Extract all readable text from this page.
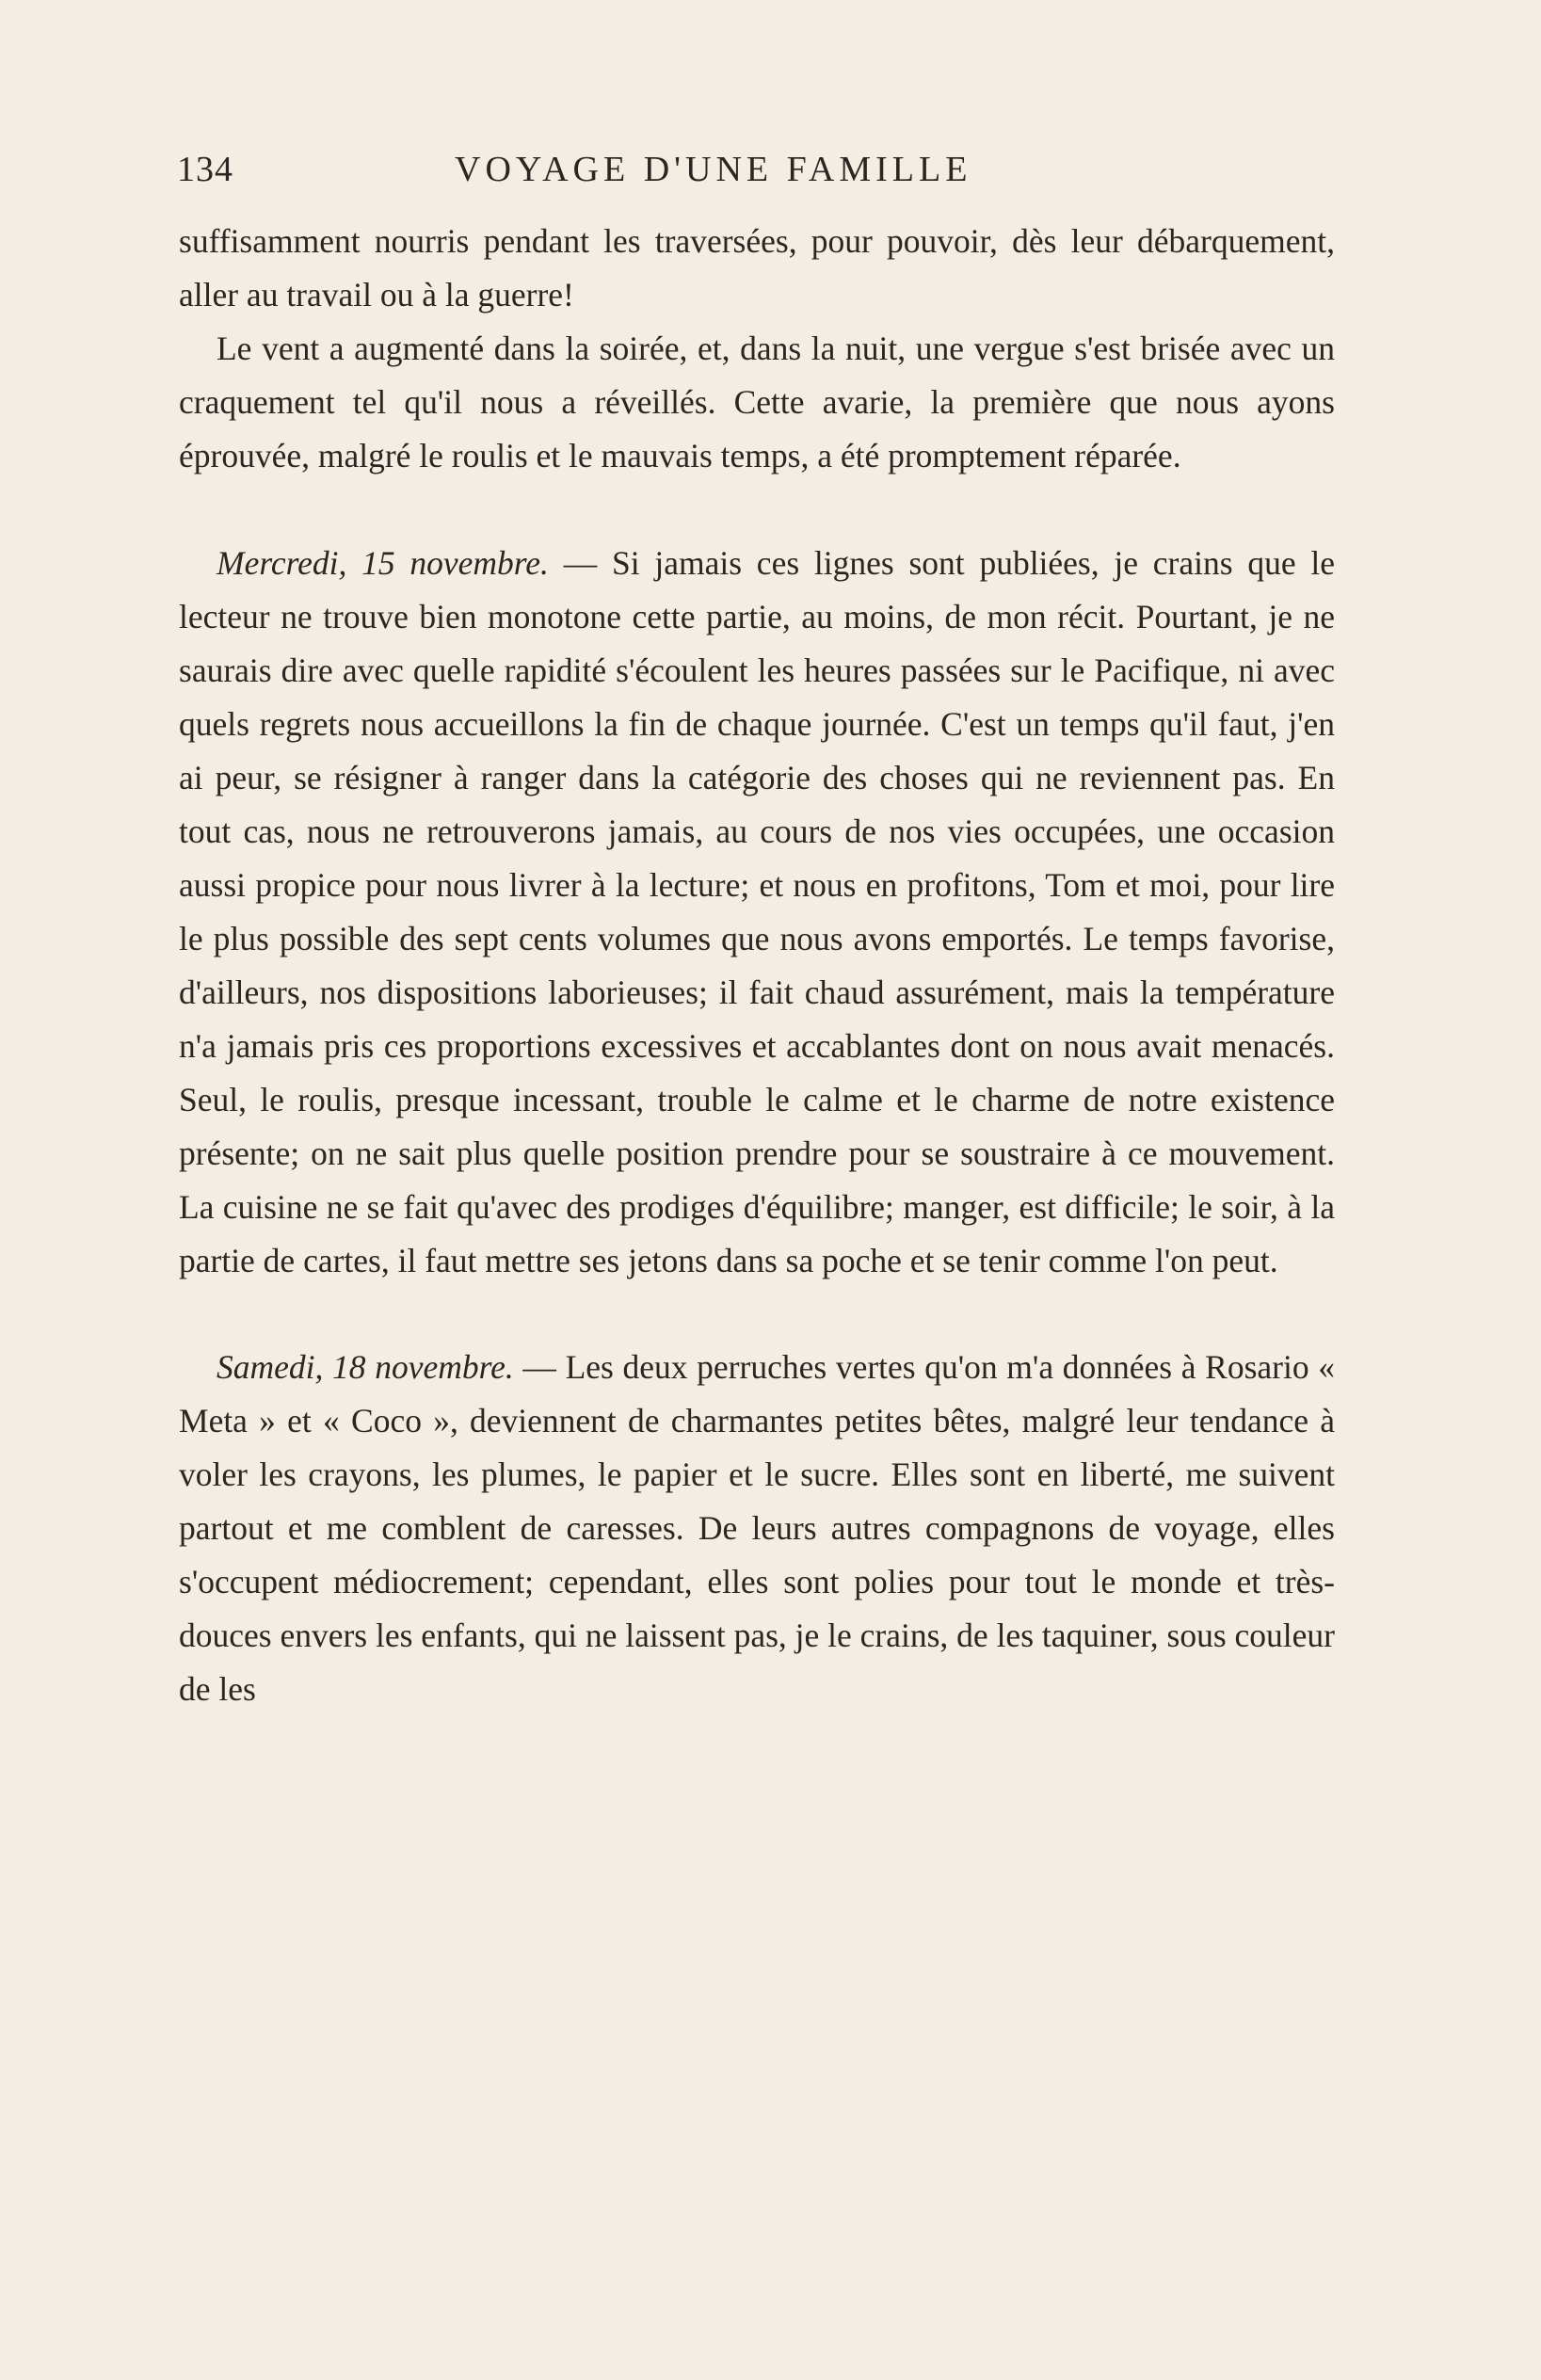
134	VOYAGE D'UNE FAMILLE

suffisamment nourris pendant les traversées, pour pouvoir, dès leur débarquement, aller au travail ou à la guerre!

Le vent a augmenté dans la soirée, et, dans la nuit, une vergue s'est brisée avec un craquement tel qu'il nous a réveillés. Cette avarie, la première que nous ayons éprouvée, malgré le roulis et le mauvais temps, a été promptement réparée.

Mercredi, 15 novembre. — Si jamais ces lignes sont publiées, je crains que le lecteur ne trouve bien monotone cette partie, au moins, de mon récit. Pourtant, je ne saurais dire avec quelle rapidité s'écoulent les heures passées sur le Pacifique, ni avec quels regrets nous accueillons la fin de chaque journée. C'est un temps qu'il faut, j'en ai peur, se résigner à ranger dans la catégorie des choses qui ne reviennent pas. En tout cas, nous ne retrouverons jamais, au cours de nos vies occupées, une occasion aussi propice pour nous livrer à la lecture; et nous en profitons, Tom et moi, pour lire le plus possible des sept cents volumes que nous avons emportés. Le temps favorise, d'ailleurs, nos dispositions laborieuses; il fait chaud assurément, mais la température n'a jamais pris ces proportions excessives et accablantes dont on nous avait menacés. Seul, le roulis, presque incessant, trouble le calme et le charme de notre existence présente; on ne sait plus quelle position prendre pour se soustraire à ce mouvement. La cuisine ne se fait qu'avec des prodiges d'équilibre; manger, est difficile; le soir, à la partie de cartes, il faut mettre ses jetons dans sa poche et se tenir comme l'on peut.

Samedi, 18 novembre. — Les deux perruches vertes qu'on m'a données à Rosario « Meta » et « Coco », deviennent de charmantes petites bêtes, malgré leur tendance à voler les crayons, les plumes, le papier et le sucre. Elles sont en liberté, me suivent partout et me comblent de caresses. De leurs autres compagnons de voyage, elles s'occupent médiocrement; cependant, elles sont polies pour tout le monde et très-douces envers les enfants, qui ne laissent pas, je le crains, de les taquiner, sous couleur de les
